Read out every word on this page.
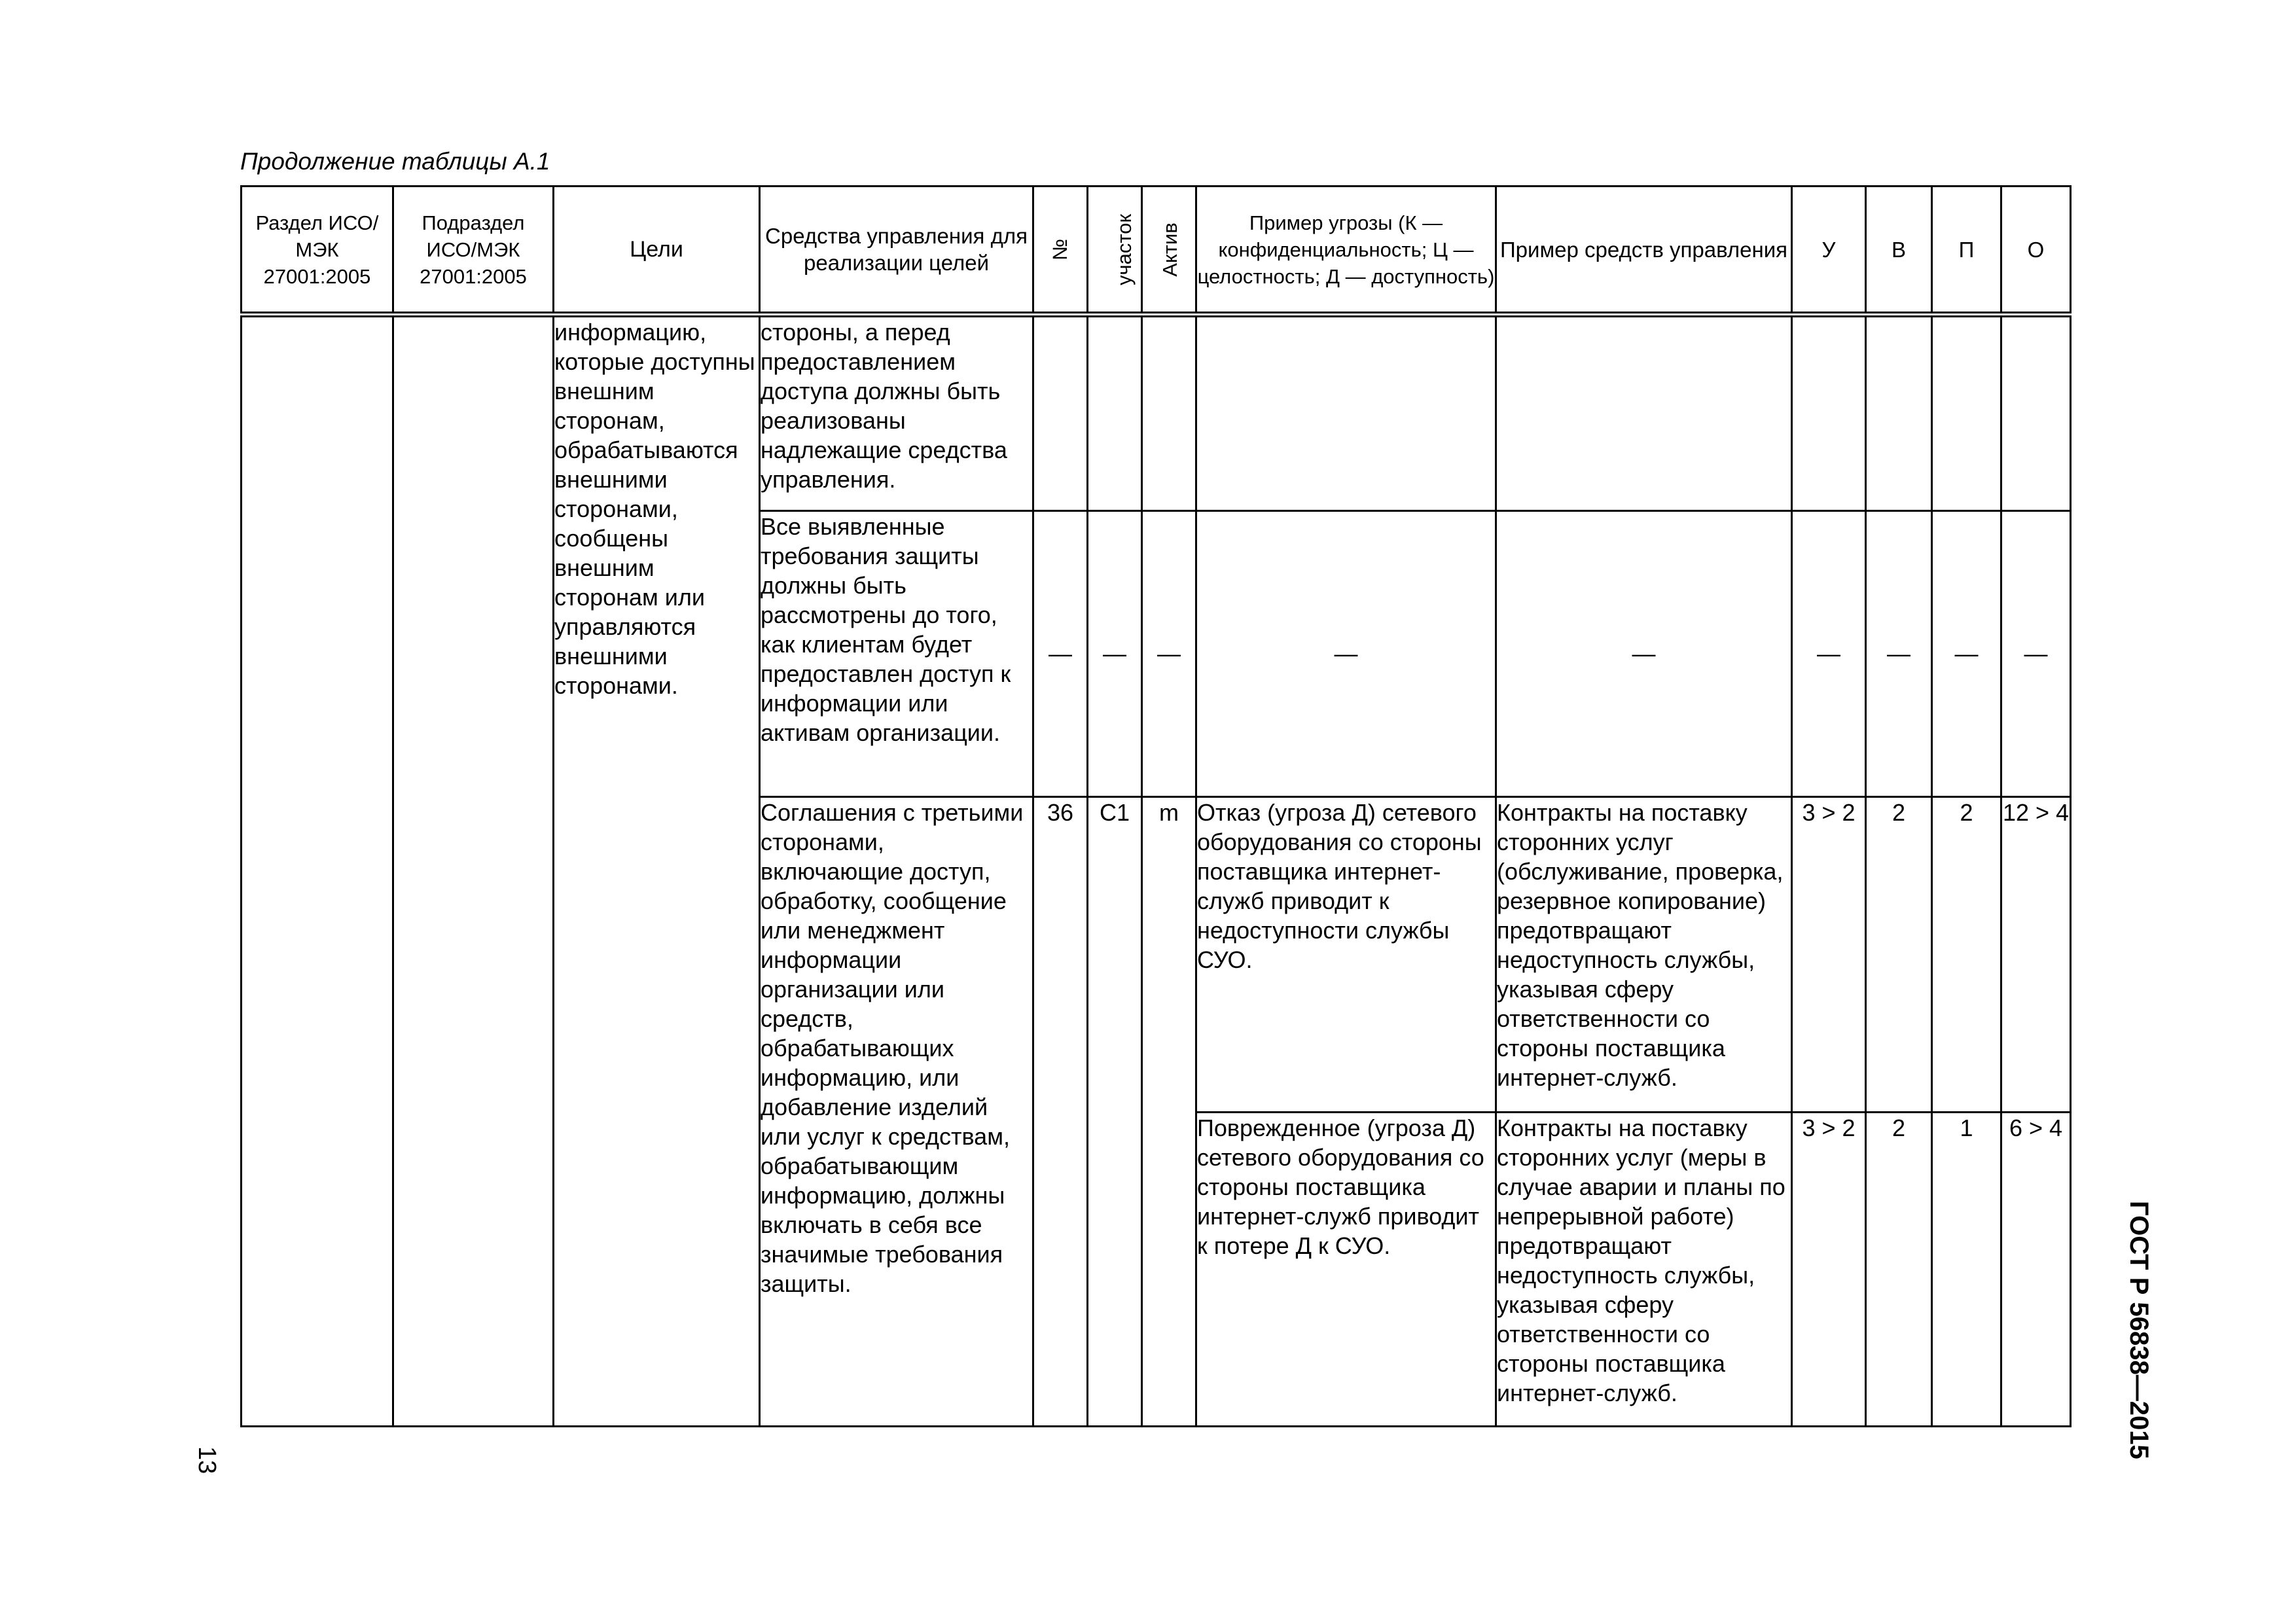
Продолжение таблицы А.1
Раздел ИСО/МЭК 27001:2005	Подраздел ИСО/МЭК 27001:2005	Цели	Средства управления для реализации целей	№	участок	Актив	Пример угрозы (К — конфиденциальность; Ц — целостность; Д — доступность)	Пример средств управления	У	В	П	О
		информацию, которые доступны внешним сторонам, обрабатываются внешними сторонами, сообщены внешним сторонам или управляются внешними сторонами.	стороны, а перед предоставлением доступа должны быть реализованы надлежащие средства управления.									
			Все выявленные требования защиты должны быть рассмотрены до того, как клиентам будет предоставлен доступ к информации или активам организации.	—	—	—	—	—	—	—	—	—
			Соглашения с третьими сторонами, включающие доступ, обработку, сообщение или менеджмент информации организации или средств, обрабатывающих информацию, или добавление изделий или услуг к средствам, обрабатывающим информацию, должны включать в себя все значимые требования защиты.	36	С1	m	Отказ (угроза Д) сетевого оборудования со стороны поставщика интернет-служб приводит к недоступности службы СУО.	Контракты на поставку сторонних услуг (обслуживание, проверка, резервное копирование) предотвращают недоступность службы, указывая сферу ответственности со стороны поставщика интернет-служб.	3 > 2	2	2	12 > 4
							Поврежденное (угроза Д) сетевого оборудования со стороны поставщика интернет-служб приводит к потере Д к СУО.	Контракты на поставку сторонних услуг (меры в случае аварии и планы по непрерывной работе) предотвращают недоступность службы, указывая сферу ответственности со стороны поставщика интернет-служб.	3 > 2	2	1	6 > 4
ГОСТ Р 56838—2015
13
